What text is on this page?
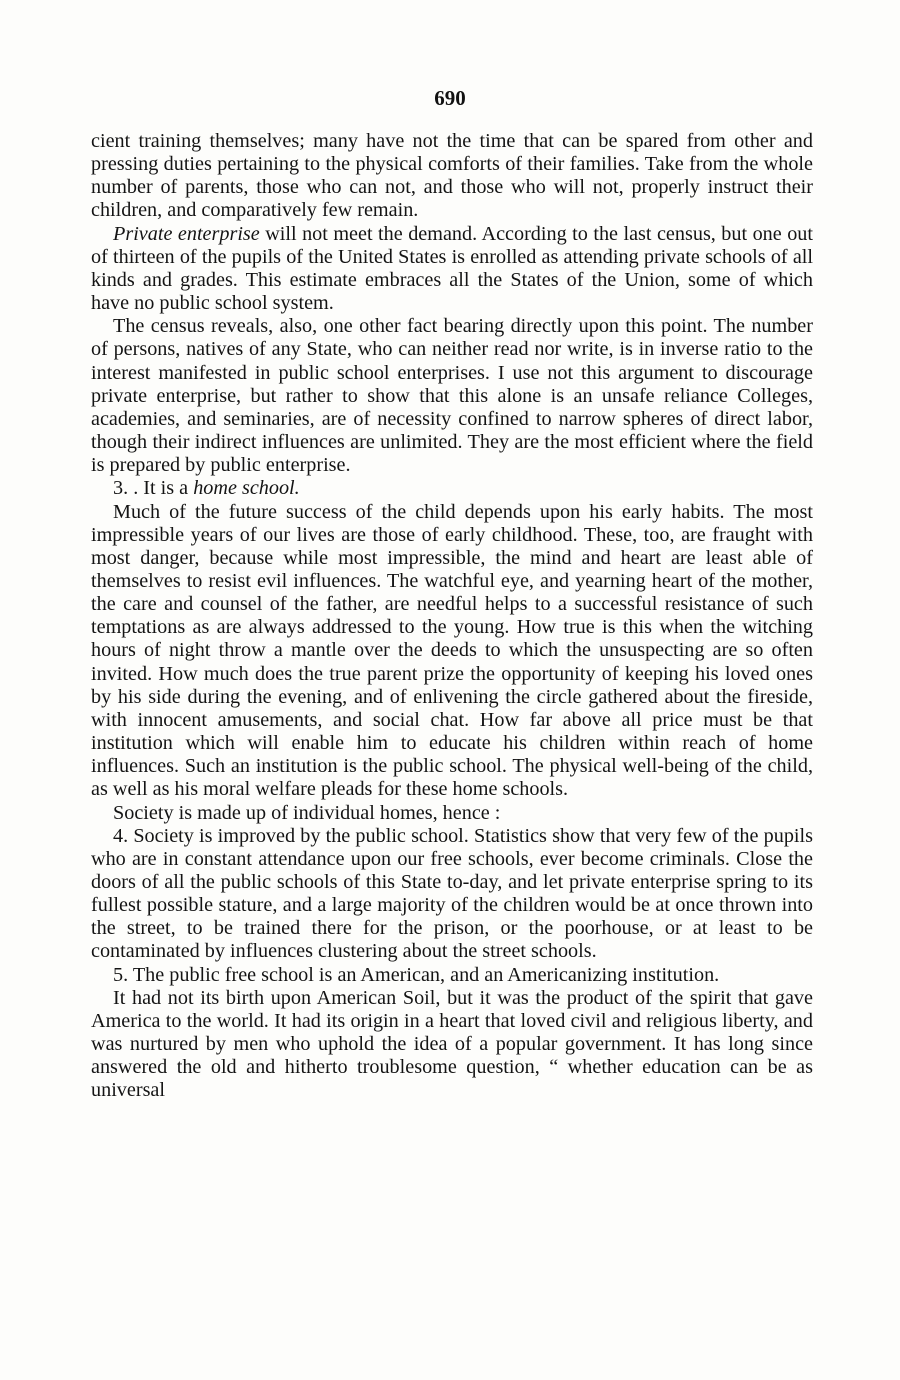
690

cient training themselves; many have not the time that can be spared from other and pressing duties pertaining to the physical comforts of their families. Take from the whole number of parents, those who can not, and those who will not, properly instruct their children, and comparatively few remain.

Private enterprise will not meet the demand. According to the last census, but one out of thirteen of the pupils of the United States is enrolled as attending private schools of all kinds and grades. This estimate embraces all the States of the Union, some of which have no public school system.

The census reveals, also, one other fact bearing directly upon this point. The number of persons, natives of any State, who can neither read nor write, is in inverse ratio to the interest manifested in public school enterprises. I use not this argument to discourage private enterprise, but rather to show that this alone is an unsafe reliance Colleges, academies, and seminaries, are of necessity confined to narrow spheres of direct labor, though their indirect influences are unlimited. They are the most efficient where the field is prepared by public enterprise.

3. . It is a home school.

Much of the future success of the child depends upon his early habits. The most impressible years of our lives are those of early childhood. These, too, are fraught with most danger, because while most impressible, the mind and heart are least able of themselves to resist evil influences. The watchful eye, and yearning heart of the mother, the care and counsel of the father, are needful helps to a successful resistance of such temptations as are always addressed to the young. How true is this when the witching hours of night throw a mantle over the deeds to which the unsuspecting are so often invited. How much does the true parent prize the opportunity of keeping his loved ones by his side during the evening, and of enlivening the circle gathered about the fireside, with innocent amusements, and social chat. How far above all price must be that institution which will enable him to educate his children within reach of home influences. Such an institution is the public school. The physical well-being of the child, as well as his moral welfare pleads for these home schools.

Society is made up of individual homes, hence :

4. Society is improved by the public school. Statistics show that very few of the pupils who are in constant attendance upon our free schools, ever become criminals. Close the doors of all the public schools of this State to-day, and let private enterprise spring to its fullest possible stature, and a large majority of the children would be at once thrown into the street, to be trained there for the prison, or the poorhouse, or at least to be contaminated by influences clustering about the street schools.

5. The public free school is an American, and an Americanizing institution.

It had not its birth upon American Soil, but it was the product of the spirit that gave America to the world. It had its origin in a heart that loved civil and religious liberty, and was nurtured by men who uphold the idea of a popular government. It has long since answered the old and hitherto troublesome question, “ whether education can be as universal
